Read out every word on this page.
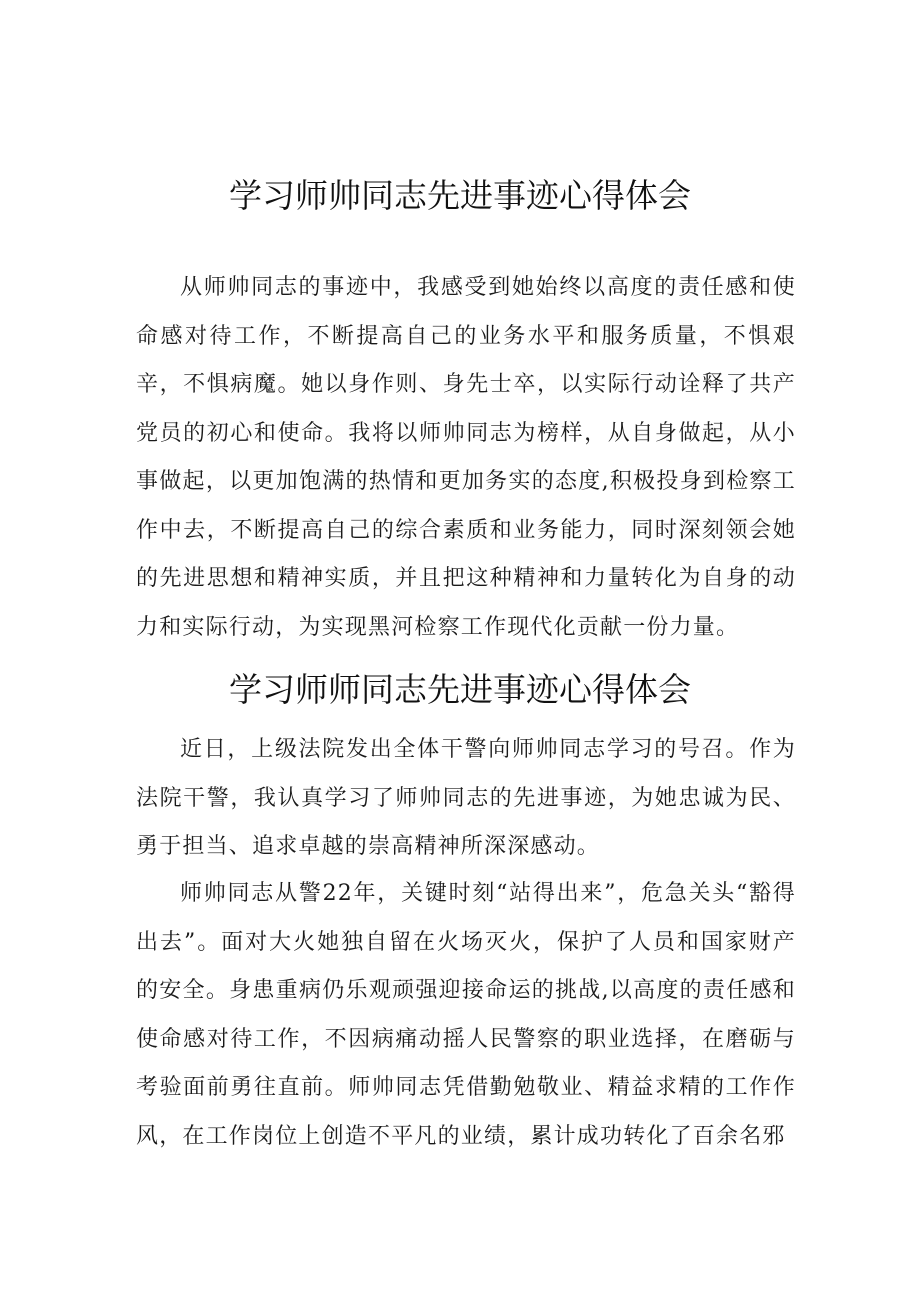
学习师帅同志先进事迹心得体会

从师帅同志的事迹中，我感受到她始终以高度的责任感和使命感对待工作，不断提高自己的业务水平和服务质量，不惧艰辛，不惧病魔。她以身作则、身先士卒，以实际行动诠释了共产党员的初心和使命。我将以师帅同志为榜样，从自身做起，从小事做起，以更加饱满的热情和更加务实的态度,积极投身到检察工作中去，不断提高自己的综合素质和业务能力，同时深刻领会她的先进思想和精神实质，并且把这种精神和力量转化为自身的动力和实际行动，为实现黑河检察工作现代化贡献一份力量。

学习师师同志先进事迹心得体会

近日，上级法院发出全体干警向师帅同志学习的号召。作为法院干警，我认真学习了师帅同志的先进事迹，为她忠诚为民、勇于担当、追求卓越的崇高精神所深深感动。

师帅同志从警22年，关键时刻“站得出来”，危急关头“豁得出去”。面对大火她独自留在火场灭火，保护了人员和国家财产的安全。身患重病仍乐观顽强迎接命运的挑战,以高度的责任感和使命感对待工作，不因病痛动摇人民警察的职业选择，在磨砺与考验面前勇往直前。师帅同志凭借勤勉敬业、精益求精的工作作风，在工作岗位上创造不平凡的业绩，累计成功转化了百余名邪
